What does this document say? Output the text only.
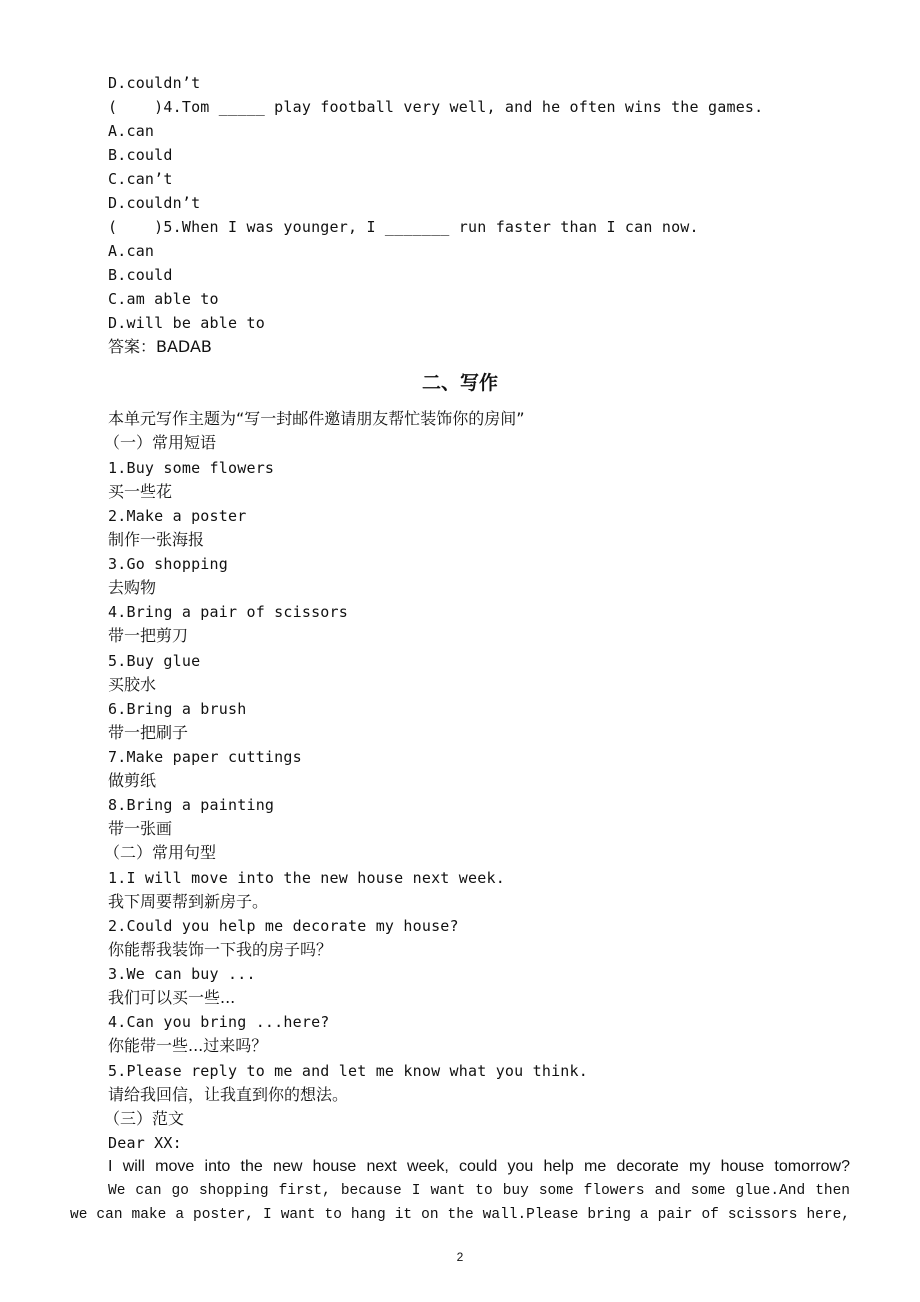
D.couldn’t
(    )4.Tom _____ play football very well, and he often wins the games.
A.can
B.could
C.can’t
D.couldn’t
(    )5.When I was younger, I _______ run faster than I can now.
A.can
B.could
C.am able to
D.will be able to
答案：BADAB
二、写作
本单元写作主题为“写一封邮件邀请朋友帮忙装饰你的房间”
（一）常用短语
1.Buy some flowers
买一些花
2.Make a poster
制作一张海报
3.Go shopping
去购物
4.Bring a pair of scissors
带一把剪刀
5.Buy glue
买胶水
6.Bring a brush
带一把刷子
7.Make paper cuttings
做剪纸
8.Bring a painting
带一张画
（二）常用句型
1.I will move into the new house next week.
我下周要帮到新房子。
2.Could you help me decorate my house?
你能帮我装饰一下我的房子吗？
3.We can buy ...
我们可以买一些...
4.Can you bring ...here?
你能带一些...过来吗？
5.Please reply to me and let me know what you think.
请给我回信，让我直到你的想法。
（三）范文
Dear XX:
I will move into the new house next week, could you help me decorate my house tomorrow?
We can go shopping first, because I want to buy some flowers and some glue.And then
we can make a poster, I want to hang it on the wall.Please bring a pair of scissors here,
2
